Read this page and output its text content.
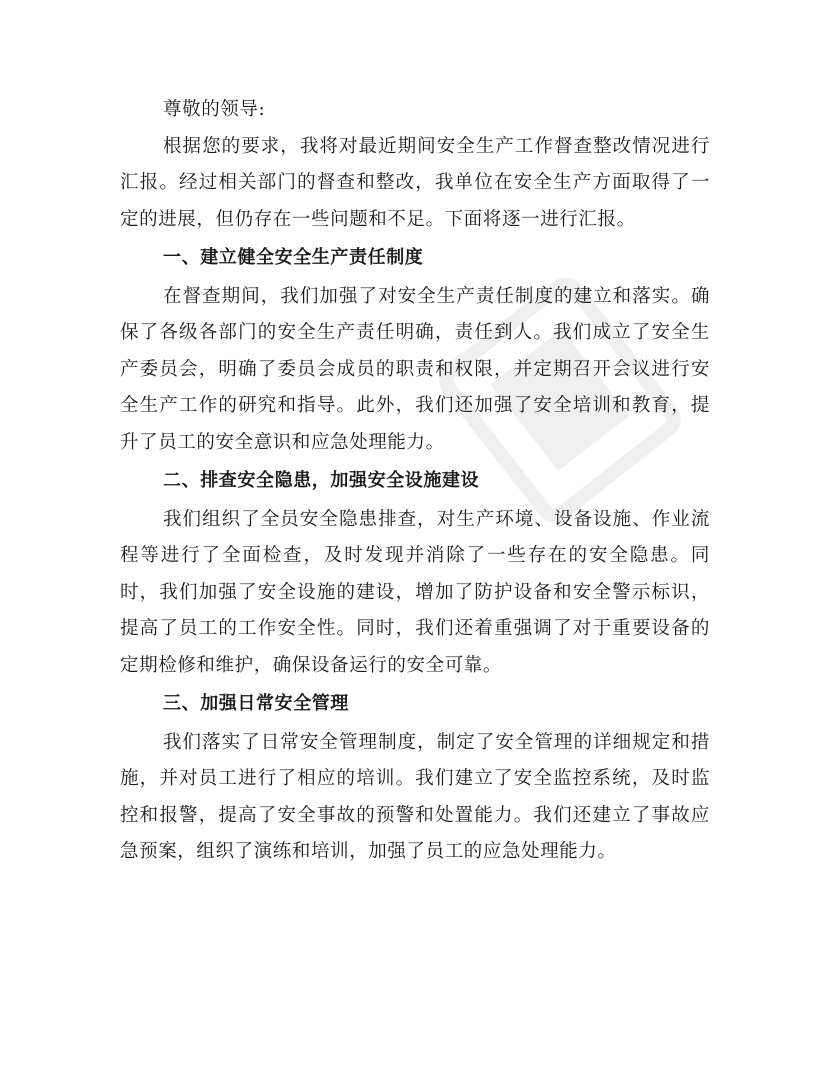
尊敬的领导:

根据您的要求，我将对最近期间安全生产工作督查整改情况进行汇报。经过相关部门的督查和整改，我单位在安全生产方面取得了一定的进展，但仍存在一些问题和不足。下面将逐一进行汇报。

一、建立健全安全生产责任制度

在督查期间，我们加强了对安全生产责任制度的建立和落实。确保了各级各部门的安全生产责任明确，责任到人。我们成立了安全生产委员会，明确了委员会成员的职责和权限，并定期召开会议进行安全生产工作的研究和指导。此外，我们还加强了安全培训和教育，提升了员工的安全意识和应急处理能力。

二、排查安全隐患，加强安全设施建设

我们组织了全员安全隐患排查，对生产环境、设备设施、作业流程等进行了全面检查，及时发现并消除了一些存在的安全隐患。同时，我们加强了安全设施的建设，增加了防护设备和安全警示标识，提高了员工的工作安全性。同时，我们还着重强调了对于重要设备的定期检修和维护，确保设备运行的安全可靠。

三、加强日常安全管理

我们落实了日常安全管理制度，制定了安全管理的详细规定和措施，并对员工进行了相应的培训。我们建立了安全监控系统，及时监控和报警，提高了安全事故的预警和处置能力。我们还建立了事故应急预案，组织了演练和培训，加强了员工的应急处理能力。
